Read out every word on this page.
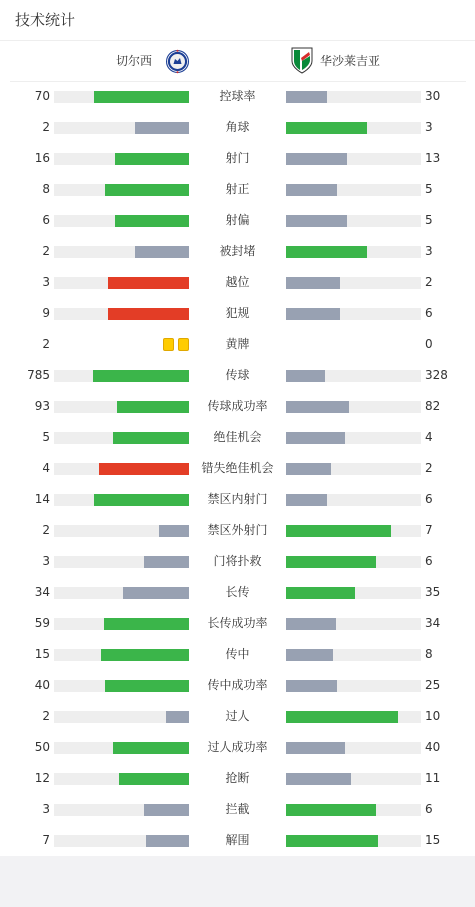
技术统计
切尔西	华沙莱吉亚
70	控球率	30
2	角球	3
16	射门	13
8	射正	5
6	射偏	5
2	被封堵	3
3	越位	2
9	犯规	6
2	黄牌	0
785	传球	328
93	传球成功率	82
5	绝佳机会	4
4	错失绝佳机会	2
14	禁区内射门	6
2	禁区外射门	7
3	门将扑救	6
34	长传	35
59	长传成功率	34
15	传中	8
40	传中成功率	25
2	过人	10
50	过人成功率	40
12	抢断	11
3	拦截	6
7	解围	15
